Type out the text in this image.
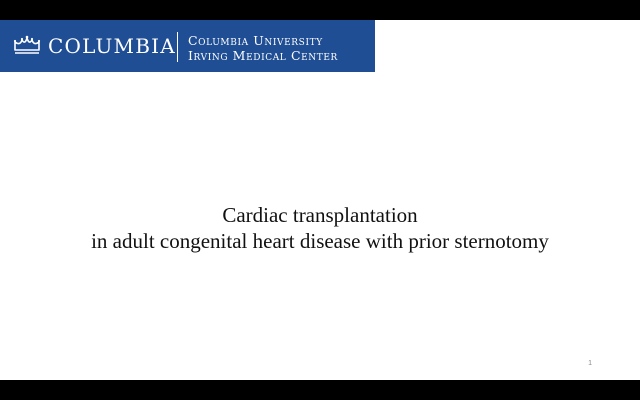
COLUMBIA Columbia University
Irving Medical Center
Cardiac transplantation
in adult congenital heart disease with prior sternotomy
1
